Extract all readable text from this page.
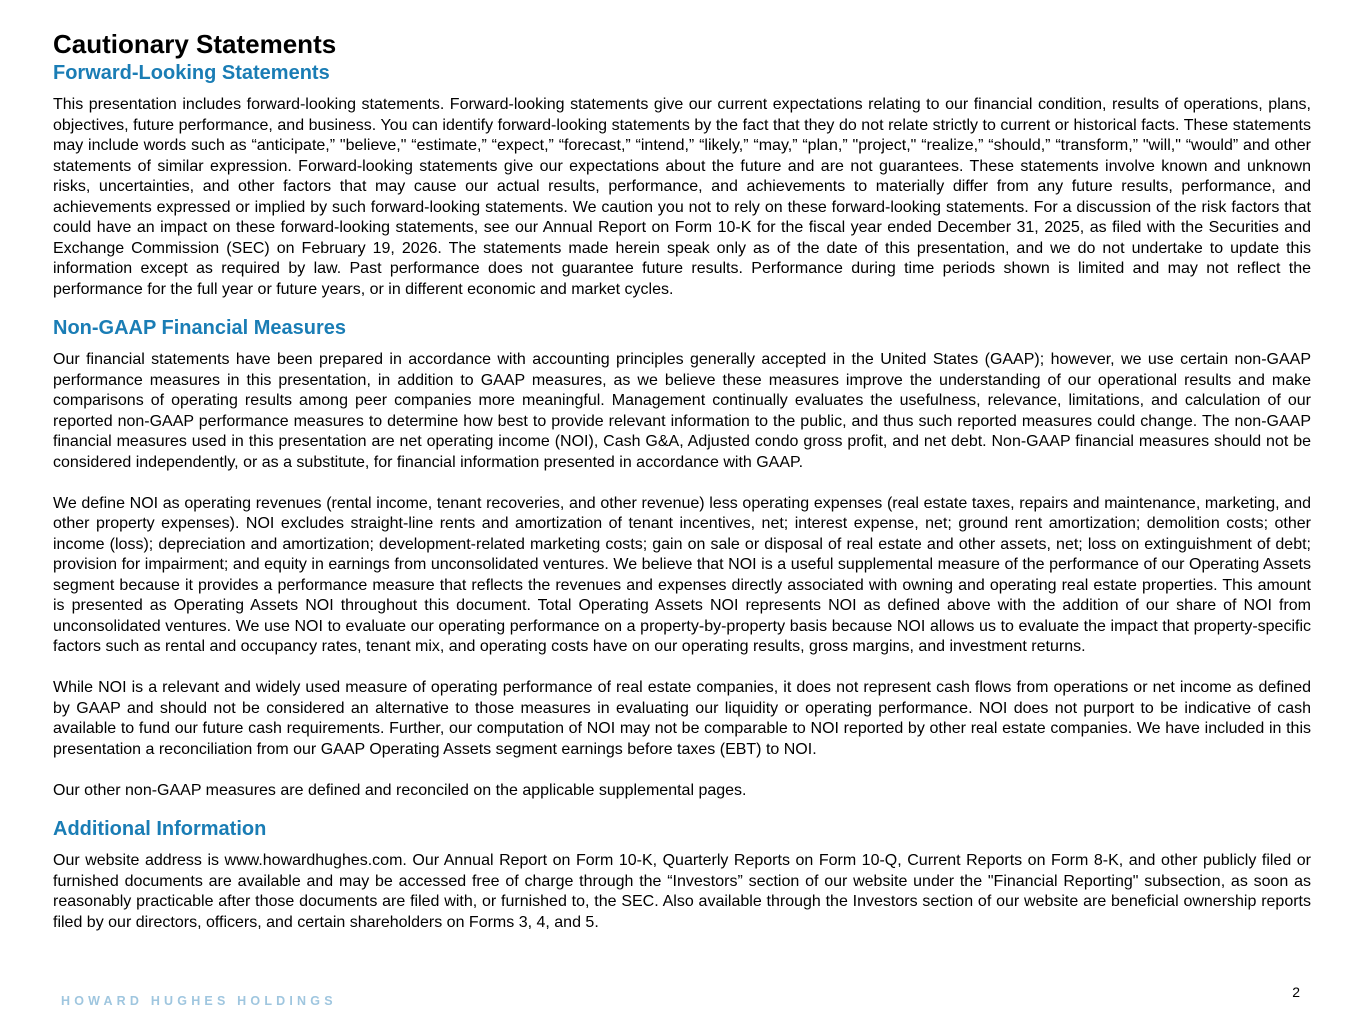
Cautionary Statements
Forward-Looking Statements

This presentation includes forward-looking statements. Forward-looking statements give our current expectations relating to our financial condition, results of operations, plans, objectives, future performance, and business. You can identify forward-looking statements by the fact that they do not relate strictly to current or historical facts. These statements may include words such as “anticipate,” "believe," “estimate,” “expect,” “forecast,” “intend,” “likely,” “may,” “plan,” "project," “realize,” “should,” “transform,” "will," “would” and other statements of similar expression. Forward-looking statements give our expectations about the future and are not guarantees. These statements involve known and unknown risks, uncertainties, and other factors that may cause our actual results, performance, and achievements to materially differ from any future results, performance, and achievements expressed or implied by such forward-looking statements. We caution you not to rely on these forward-looking statements. For a discussion of the risk factors that could have an impact on these forward-looking statements, see our Annual Report on Form 10-K for the fiscal year ended December 31, 2025, as filed with the Securities and Exchange Commission (SEC) on February 19, 2026. The statements made herein speak only as of the date of this presentation, and we do not undertake to update this information except as required by law. Past performance does not guarantee future results. Performance during time periods shown is limited and may not reflect the performance for the full year or future years, or in different economic and market cycles.

Non-GAAP Financial Measures

Our financial statements have been prepared in accordance with accounting principles generally accepted in the United States (GAAP); however, we use certain non-GAAP performance measures in this presentation, in addition to GAAP measures, as we believe these measures improve the understanding of our operational results and make comparisons of operating results among peer companies more meaningful. Management continually evaluates the usefulness, relevance, limitations, and calculation of our reported non-GAAP performance measures to determine how best to provide relevant information to the public, and thus such reported measures could change. The non-GAAP financial measures used in this presentation are net operating income (NOI), Cash G&A, Adjusted condo gross profit, and net debt. Non-GAAP financial measures should not be considered independently, or as a substitute, for financial information presented in accordance with GAAP.

We define NOI as operating revenues (rental income, tenant recoveries, and other revenue) less operating expenses (real estate taxes, repairs and maintenance, marketing, and other property expenses). NOI excludes straight-line rents and amortization of tenant incentives, net; interest expense, net; ground rent amortization; demolition costs; other income (loss); depreciation and amortization; development-related marketing costs; gain on sale or disposal of real estate and other assets, net; loss on extinguishment of debt; provision for impairment; and equity in earnings from unconsolidated ventures. We believe that NOI is a useful supplemental measure of the performance of our Operating Assets segment because it provides a performance measure that reflects the revenues and expenses directly associated with owning and operating real estate properties. This amount is presented as Operating Assets NOI throughout this document. Total Operating Assets NOI represents NOI as defined above with the addition of our share of NOI from unconsolidated ventures. We use NOI to evaluate our operating performance on a property-by-property basis because NOI allows us to evaluate the impact that property-specific factors such as rental and occupancy rates, tenant mix, and operating costs have on our operating results, gross margins, and investment returns.

While NOI is a relevant and widely used measure of operating performance of real estate companies, it does not represent cash flows from operations or net income as defined by GAAP and should not be considered an alternative to those measures in evaluating our liquidity or operating performance. NOI does not purport to be indicative of cash available to fund our future cash requirements. Further, our computation of NOI may not be comparable to NOI reported by other real estate companies. We have included in this presentation a reconciliation from our GAAP Operating Assets segment earnings before taxes (EBT) to NOI.

Our other non-GAAP measures are defined and reconciled on the applicable supplemental pages.

Additional Information

Our website address is www.howardhughes.com. Our Annual Report on Form 10-K, Quarterly Reports on Form 10-Q, Current Reports on Form 8-K, and other publicly filed or furnished documents are available and may be accessed free of charge through the “Investors” section of our website under the "Financial Reporting" subsection, as soon as reasonably practicable after those documents are filed with, or furnished to, the SEC. Also available through the Investors section of our website are beneficial ownership reports filed by our directors, officers, and certain shareholders on Forms 3, 4, and 5.

HOWARD HUGHES HOLDINGS
2
